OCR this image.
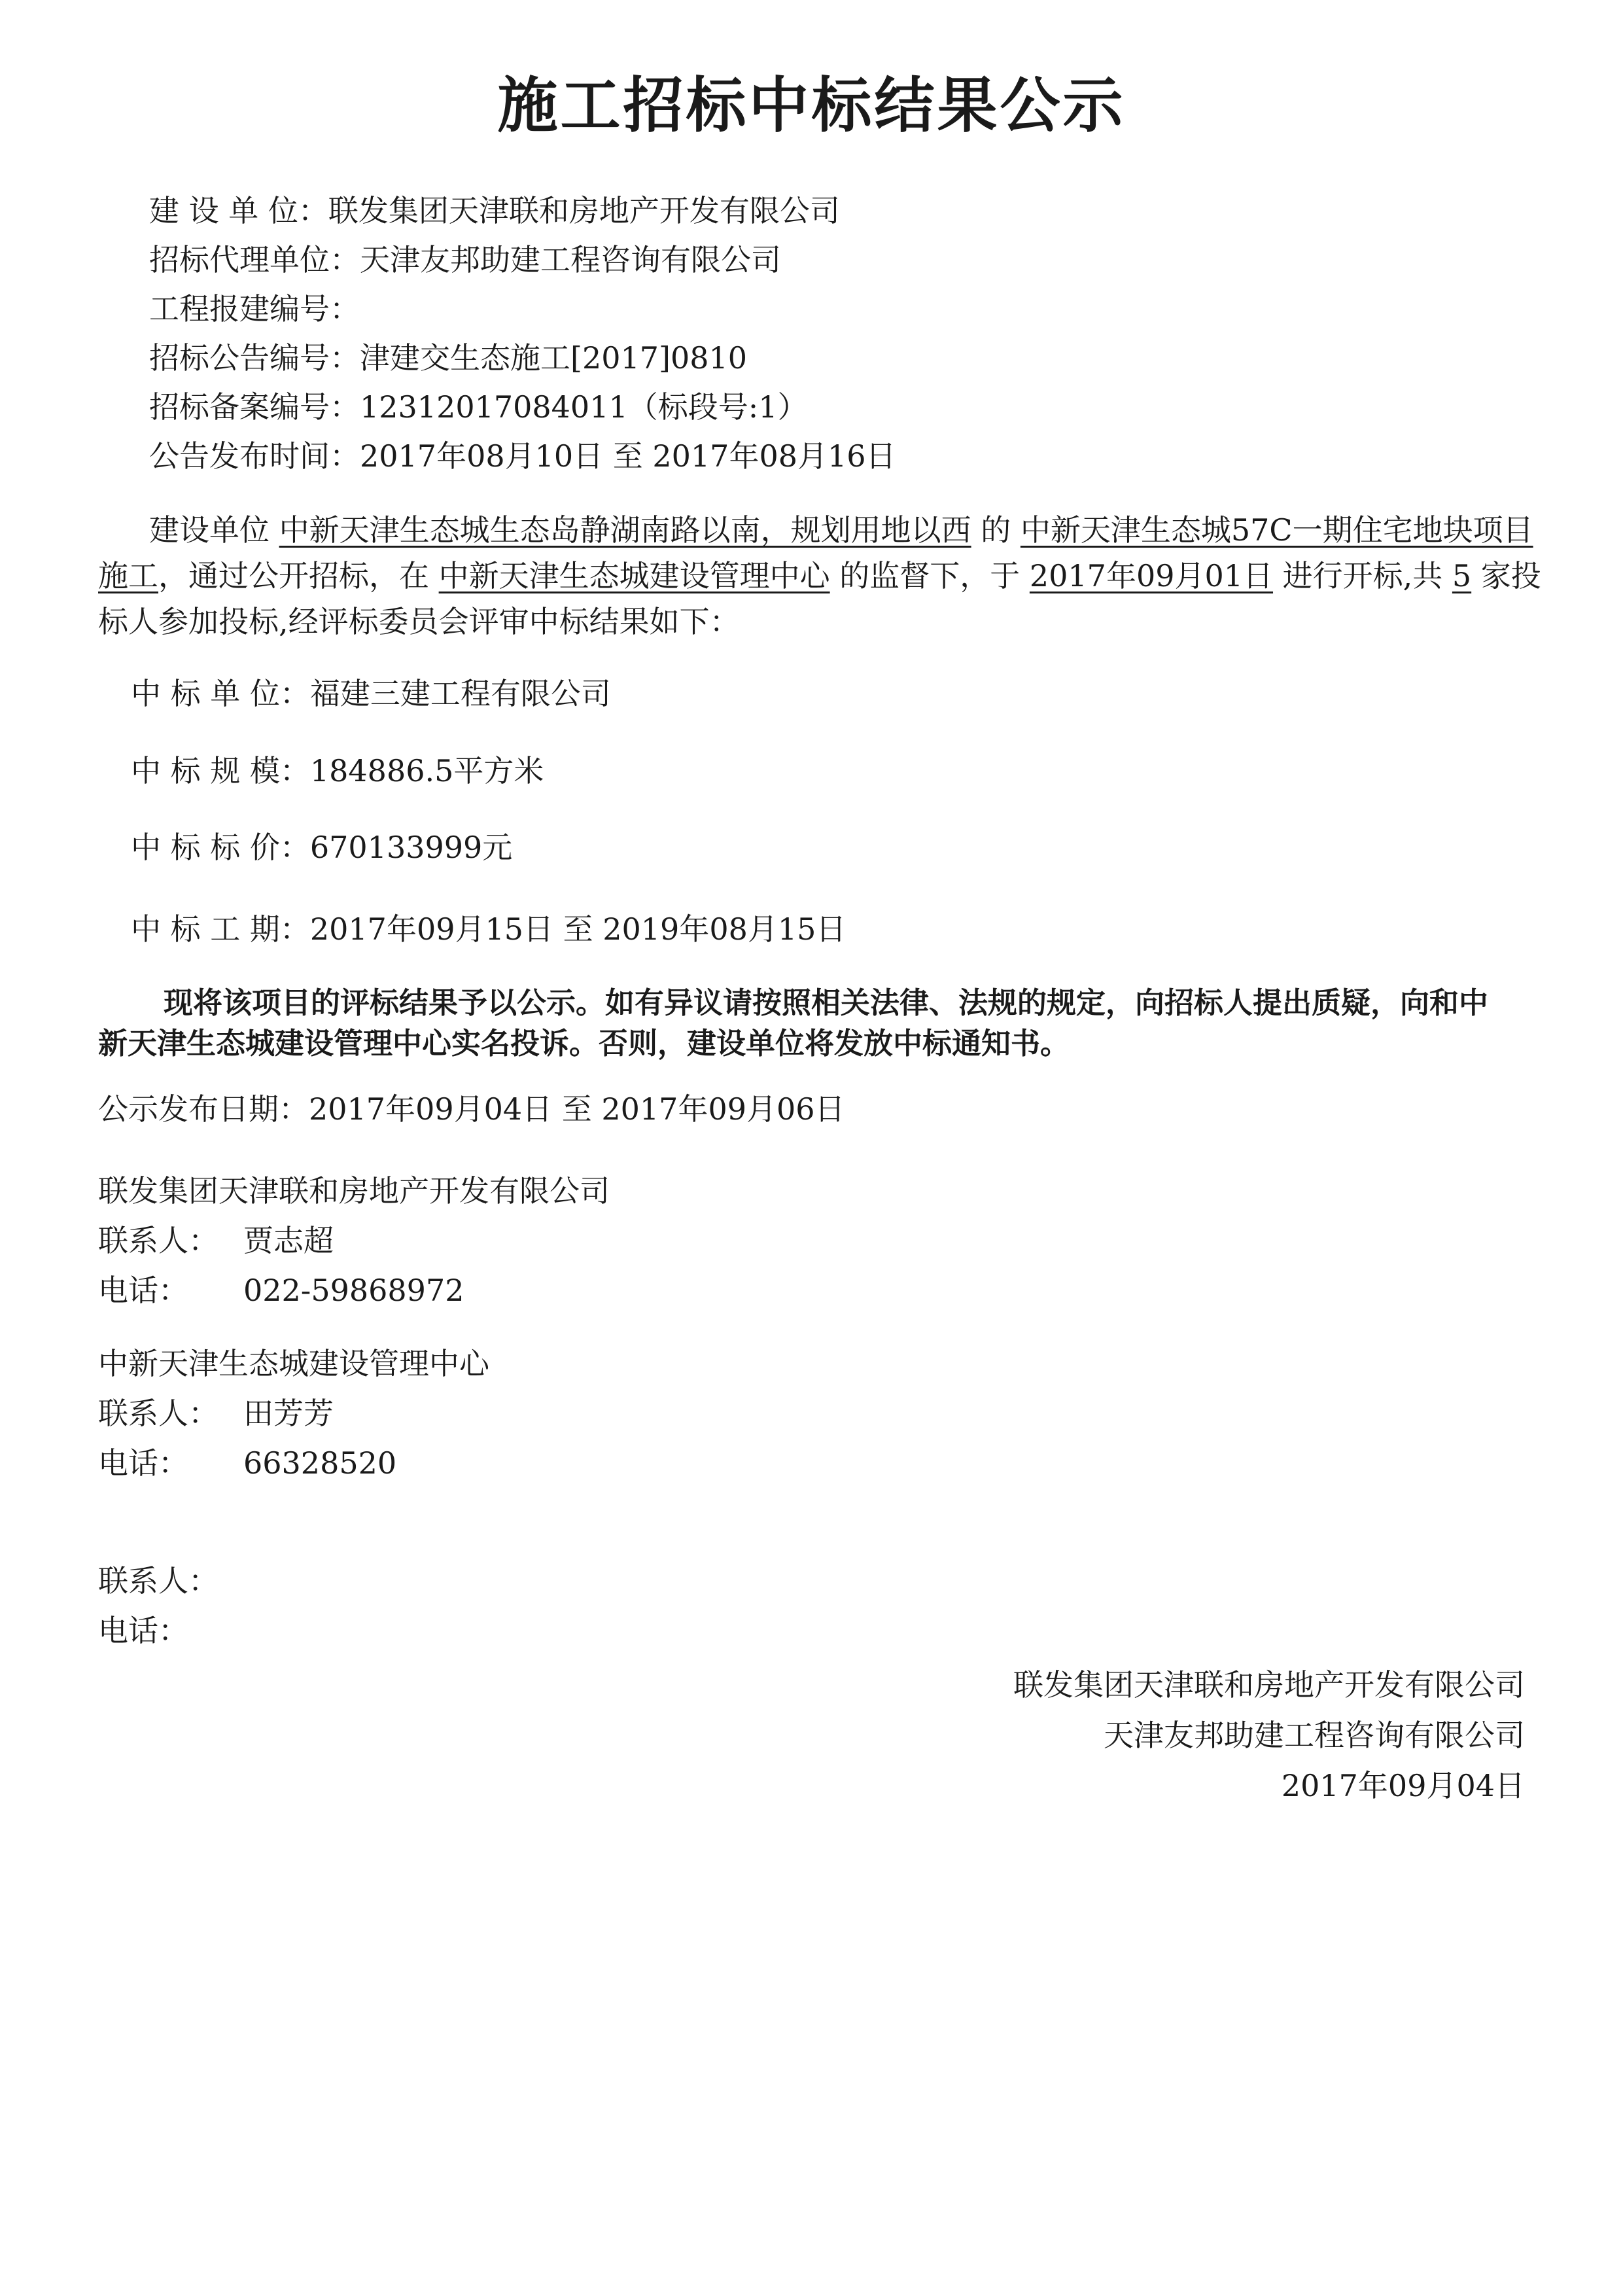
施工招标中标结果公示
建 设 单 位：联发集团天津联和房地产开发有限公司
招标代理单位：天津友邦助建工程咨询有限公司
工程报建编号：
招标公告编号：津建交生态施工[2017]0810
招标备案编号：12312017084011（标段号:1）
公告发布时间：2017年08月10日 至 2017年08月16日
建设单位 中新天津生态城生态岛静湖南路以南，规划用地以西 的 中新天津生态城57C一期住宅地块项目施工，通过公开招标，在 中新天津生态城建设管理中心 的监督下，于 2017年09月01日 进行开标,共 5 家投标人参加投标,经评标委员会评审中标结果如下：
中 标 单 位：福建三建工程有限公司
中 标 规 模：184886.5平方米
中 标 标 价：670133999元
中 标 工 期：2017年09月15日 至 2019年08月15日
现将该项目的评标结果予以公示。如有异议请按照相关法律、法规的规定，向招标人提出质疑，向和中新天津生态城建设管理中心实名投诉。否则，建设单位将发放中标通知书。
公示发布日期：2017年09月04日 至 2017年09月06日
联发集团天津联和房地产开发有限公司
联系人： 贾志超
电话： 022-59868972
中新天津生态城建设管理中心
联系人： 田芳芳
电话： 66328520
联系人：
电话：
联发集团天津联和房地产开发有限公司
天津友邦助建工程咨询有限公司
2017年09月04日
